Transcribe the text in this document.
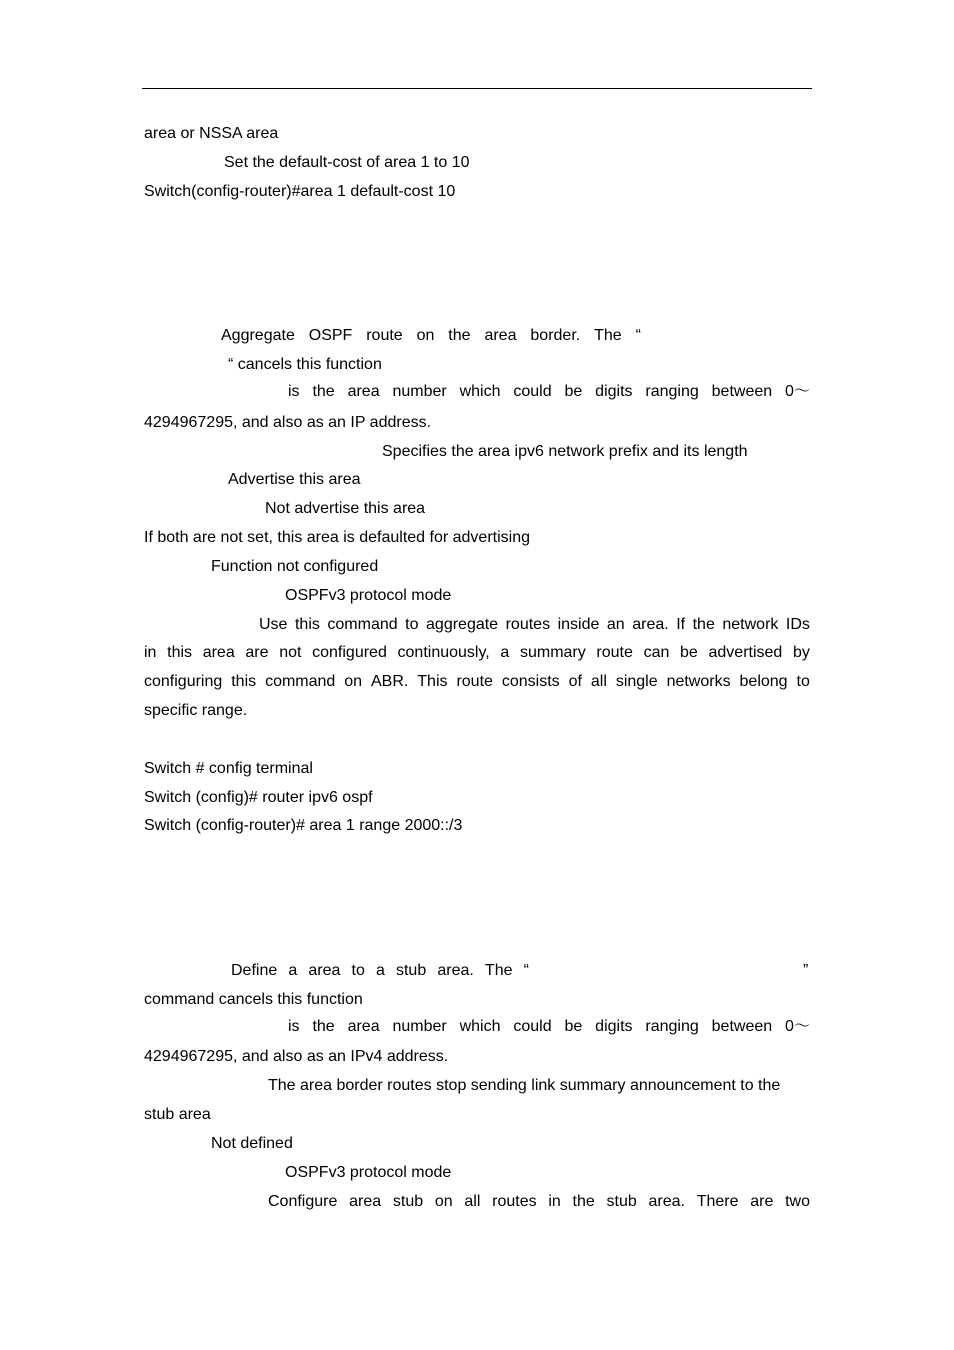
area or NSSA area
Set the default-cost of area 1 to 10
Switch(config-router)#area 1 default-cost 10
Aggregate OSPF route on the area border. The “
“ cancels this function
is the area number which could be digits ranging between 0～
4294967295, and also as an IP address.
Specifies the area ipv6 network prefix and its length
Advertise this area
Not advertise this area
If both are not set, this area is defaulted for advertising
Function not configured
OSPFv3 protocol mode
Use this command to aggregate routes inside an area. If the network IDs
in this area are not configured continuously, a summary route can be advertised by
configuring this command on ABR. This route consists of all single networks belong to
specific range.
Switch # config terminal
Switch (config)# router ipv6 ospf
Switch (config-router)# area 1 range 2000::/3
Define a area to a stub area. The “	”
command cancels this function
is the area number which could be digits ranging between 0～
4294967295, and also as an IPv4 address.
The area border routes stop sending link summary announcement to the
stub area
Not defined
OSPFv3 protocol mode
Configure area stub on all routes in the stub area. There are two
